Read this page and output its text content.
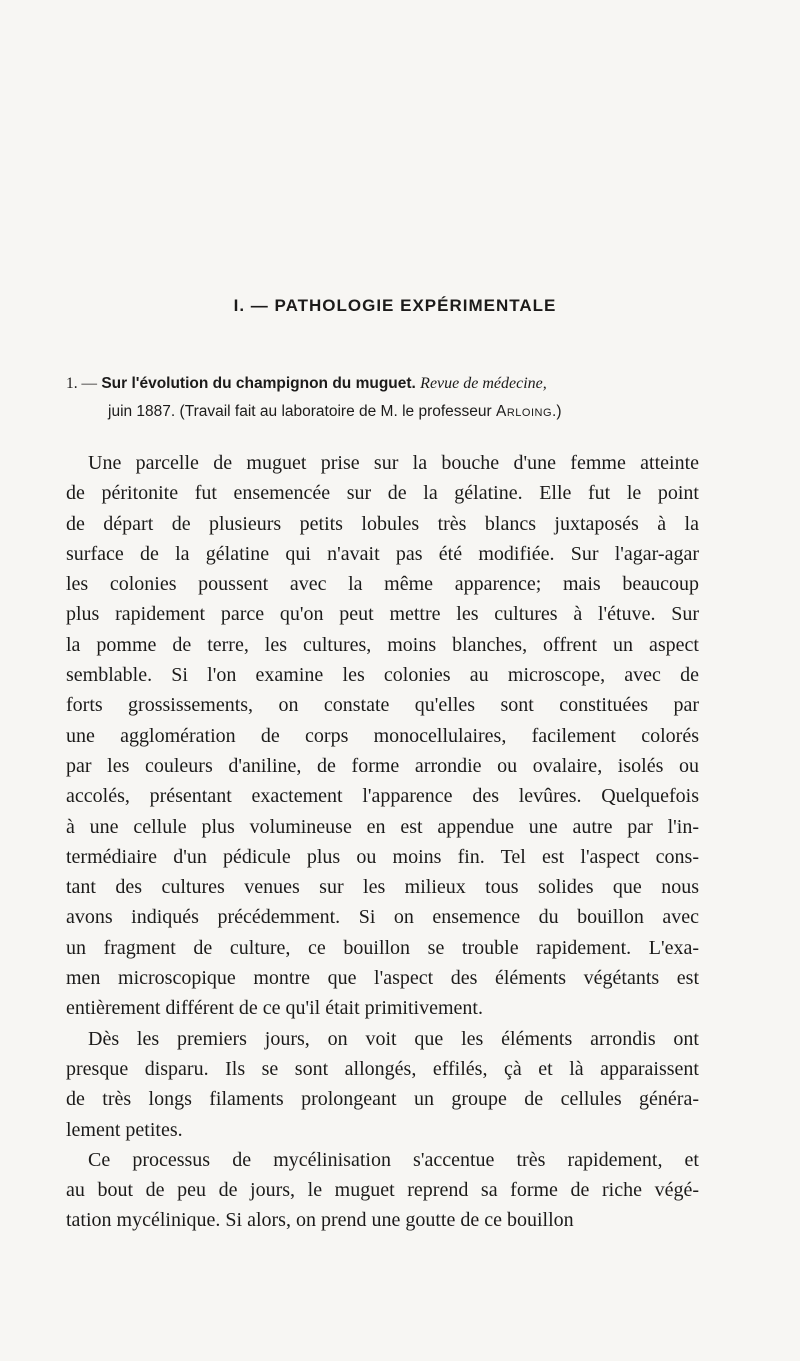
I. — PATHOLOGIE EXPÉRIMENTALE
1. — Sur l'évolution du champignon du muguet. Revue de médecine,
juin 1887. (Travail fait au laboratoire de M. le professeur Arloing.)
Une parcelle de muguet prise sur la bouche d'une femme atteinte
de péritonite fut ensemencée sur de la gélatine. Elle fut le point
de départ de plusieurs petits lobules très blancs juxtaposés à la
surface de la gélatine qui n'avait pas été modifiée. Sur l'agar-agar
les colonies poussent avec la même apparence; mais beaucoup
plus rapidement parce qu'on peut mettre les cultures à l'étuve. Sur
la pomme de terre, les cultures, moins blanches, offrent un aspect
semblable. Si l'on examine les colonies au microscope, avec de
forts grossissements, on constate qu'elles sont constituées par
une agglomération de corps monocellulaires, facilement colorés
par les couleurs d'aniline, de forme arrondie ou ovalaire, isolés ou
accolés, présentant exactement l'apparence des levûres. Quelquefois
à une cellule plus volumineuse en est appendue une autre par l'in-
termédiaire d'un pédicule plus ou moins fin. Tel est l'aspect cons-
tant des cultures venues sur les milieux tous solides que nous
avons indiqués précédemment. Si on ensemence du bouillon avec
un fragment de culture, ce bouillon se trouble rapidement. L'exa-
men microscopique montre que l'aspect des éléments végétants est
entièrement différent de ce qu'il était primitivement.
Dès les premiers jours, on voit que les éléments arrondis ont
presque disparu. Ils se sont allongés, effilés, çà et là apparaissent
de très longs filaments prolongeant un groupe de cellules généra-
lement petites.
Ce processus de mycélinisation s'accentue très rapidement, et
au bout de peu de jours, le muguet reprend sa forme de riche végé-
tation mycélinique. Si alors, on prend une goutte de ce bouillon
